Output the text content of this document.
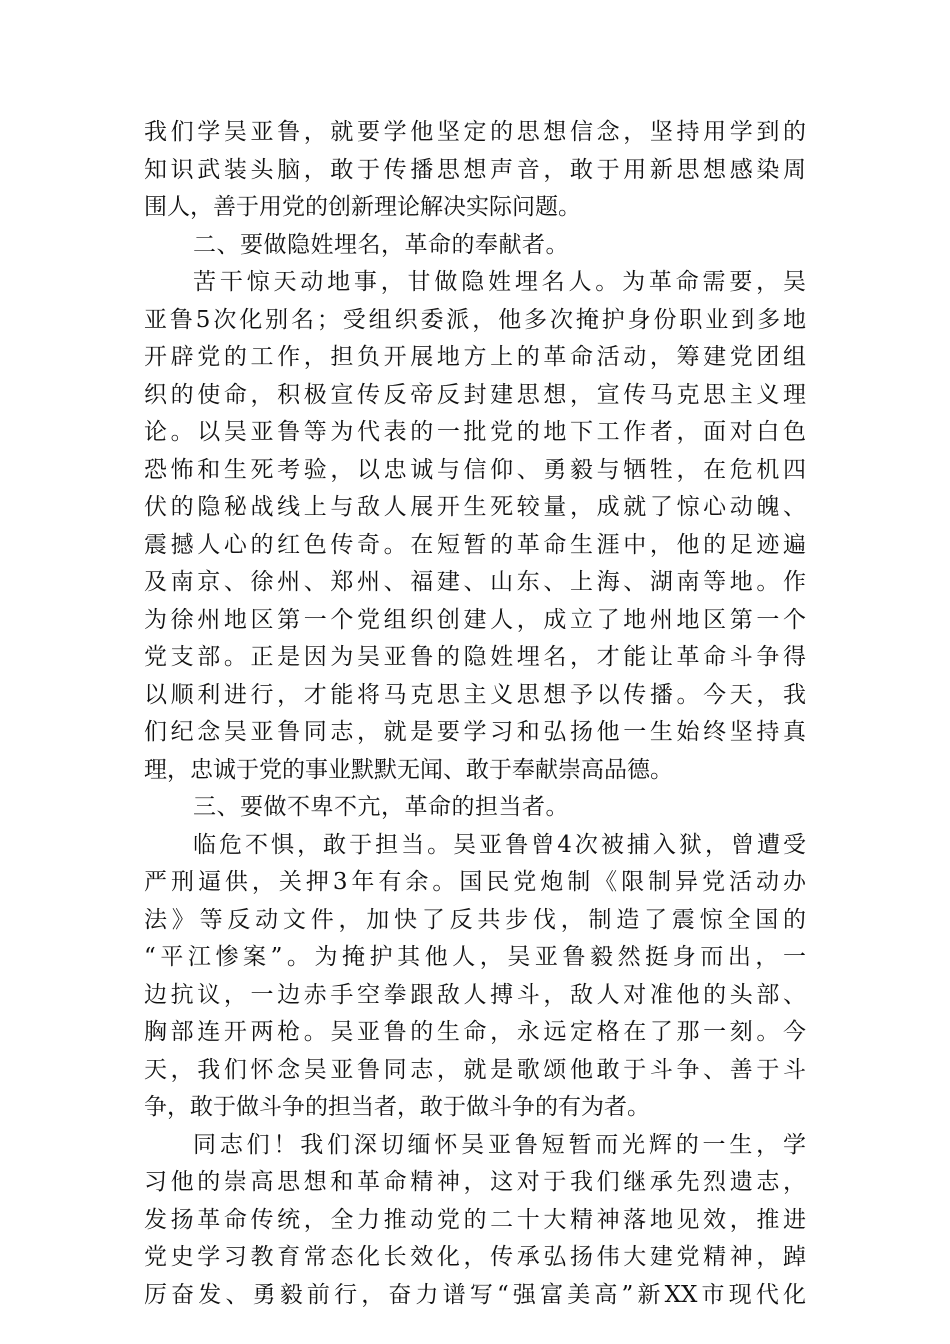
我们学吴亚鲁，就要学他坚定的思想信念，坚持用学到的
知识武装头脑，敢于传播思想声音，敢于用新思想感染周
围人，善于用党的创新理论解决实际问题。
二、要做隐姓埋名，革命的奉献者。
苦干惊天动地事，甘做隐姓埋名人。为革命需要，吴
亚鲁5次化别名；受组织委派，他多次掩护身份职业到多地
开辟党的工作，担负开展地方上的革命活动，筹建党团组
织的使命，积极宣传反帝反封建思想，宣传马克思主义理
论。以吴亚鲁等为代表的一批党的地下工作者，面对白色
恐怖和生死考验，以忠诚与信仰、勇毅与牺牲，在危机四
伏的隐秘战线上与敌人展开生死较量，成就了惊心动魄、
震撼人心的红色传奇。在短暂的革命生涯中，他的足迹遍
及南京、徐州、郑州、福建、山东、上海、湖南等地。作
为徐州地区第一个党组织创建人，成立了地州地区第一个
党支部。正是因为吴亚鲁的隐姓埋名，才能让革命斗争得
以顺利进行，才能将马克思主义思想予以传播。今天，我
们纪念吴亚鲁同志，就是要学习和弘扬他一生始终坚持真
理，忠诚于党的事业默默无闻、敢于奉献崇高品德。
三、要做不卑不亢，革命的担当者。
临危不惧，敢于担当。吴亚鲁曾4次被捕入狱，曾遭受
严刑逼供，关押3年有余。国民党炮制《限制异党活动办
法》等反动文件，加快了反共步伐，制造了震惊全国的
“平江惨案”。为掩护其他人，吴亚鲁毅然挺身而出，一
边抗议，一边赤手空拳跟敌人搏斗，敌人对准他的头部、
胸部连开两枪。吴亚鲁的生命，永远定格在了那一刻。今
天，我们怀念吴亚鲁同志，就是歌颂他敢于斗争、善于斗
争，敢于做斗争的担当者，敢于做斗争的有为者。
同志们！我们深切缅怀吴亚鲁短暂而光辉的一生，学
习他的崇高思想和革命精神，这对于我们继承先烈遗志，
发扬革命传统，全力推动党的二十大精神落地见效，推进
党史学习教育常态化长效化，传承弘扬伟大建党精神，踔
厉奋发、勇毅前行，奋力谱写“强富美高”新XX市现代化
